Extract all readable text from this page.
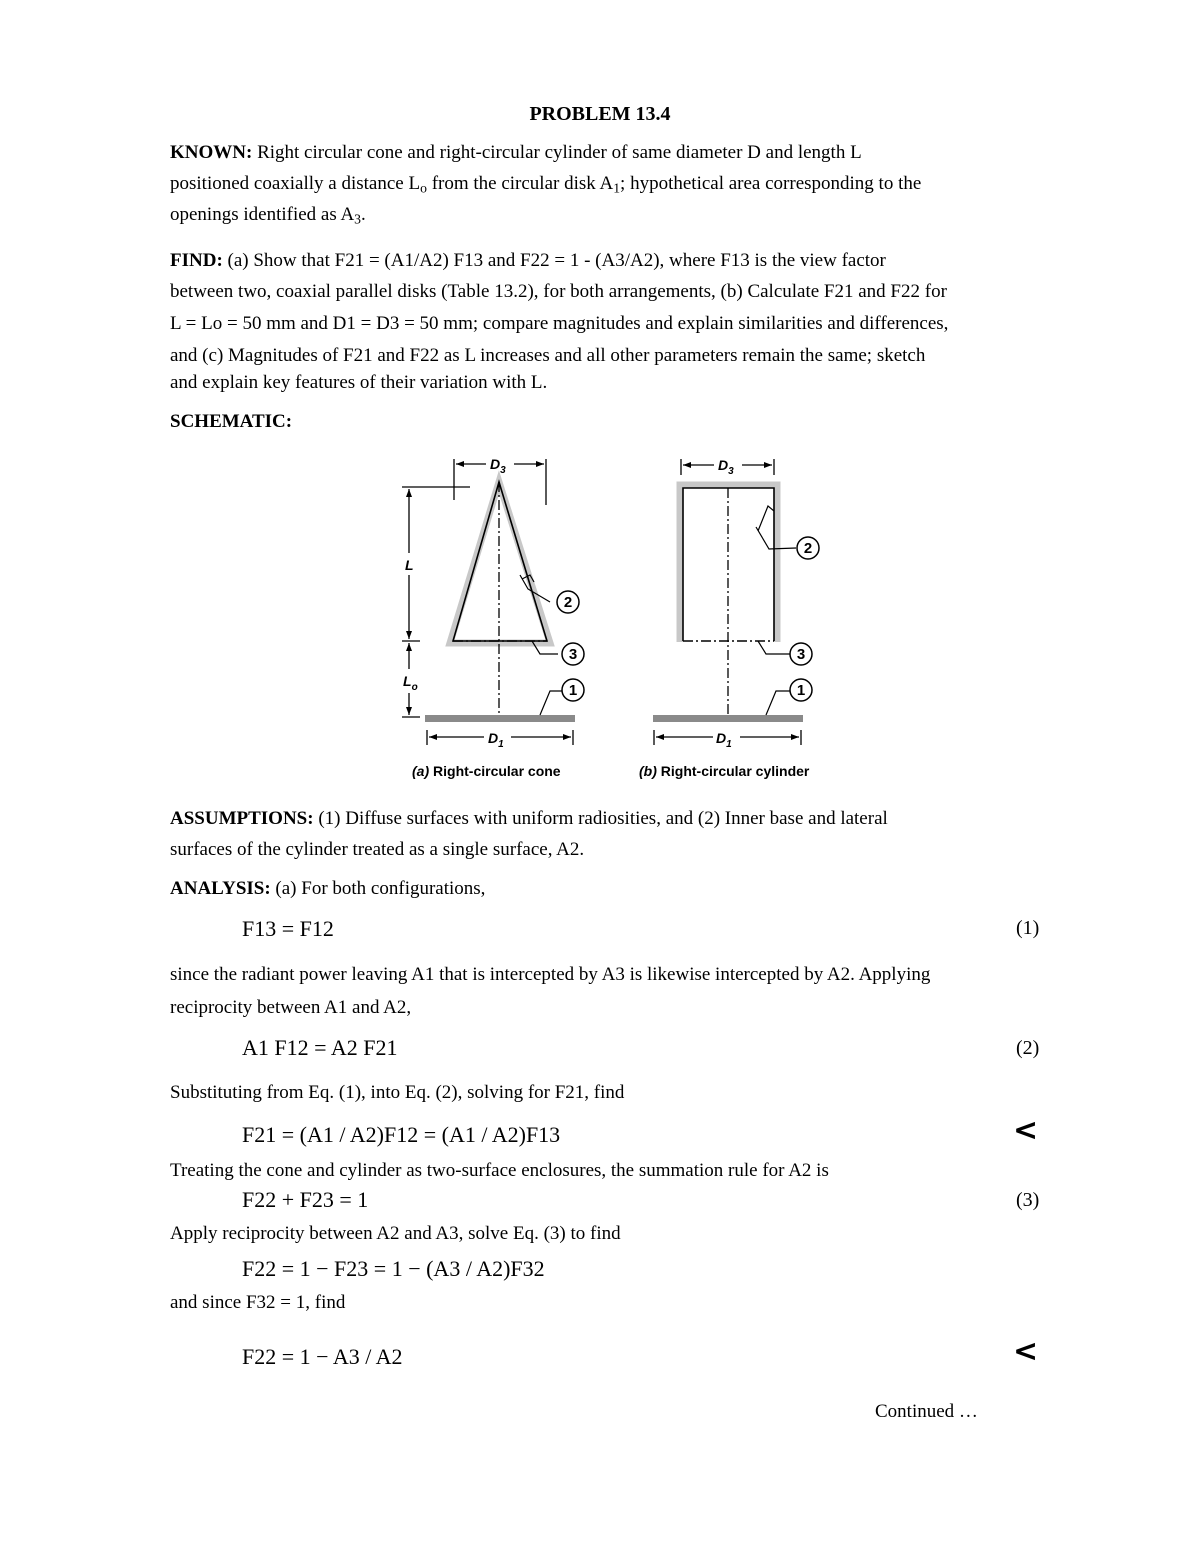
PROBLEM 13.4
KNOWN: Right circular cone and right-circular cylinder of same diameter D and length L
positioned coaxially a distance $L_o$ from the circular disk $A_1$; hypothetical area corresponding to the
openings identified as $A_3$.
FIND: (a) Show that F21 = (A1/A2) F13 and F22 = 1 - (A3/A2), where F13 is the view factor
between two, coaxial parallel disks (Table 13.2), for both arrangements, (b) Calculate F21 and F22 for
L = Lo = 50 mm and D1 = D3 = 50 mm; compare magnitudes and explain similarities and differences,
and (c) Magnitudes of F21 and F22 as L increases and all other parameters remain the same; sketch
and explain key features of their variation with L.
SCHEMATIC:
$D_3$
L
$L_o$
$D_1$
2
3
1
$D_3$
$D_1$
2
3
1
(a) Right-circular cone	(b) Right-circular cylinder
ASSUMPTIONS: (1) Diffuse surfaces with uniform radiosities, and (2) Inner base and lateral
surfaces of the cylinder treated as a single surface, A2.
ANALYSIS: (a) For both configurations,
F13 = F12	(1)
since the radiant power leaving A1 that is intercepted by A3 is likewise intercepted by A2. Applying
reciprocity between A1 and A2,
A1 F12 = A2 F21	(2)
Substituting from Eq. (1), into Eq. (2), solving for F21, find
F21 = (A1 / A2)F12 = (A1 / A2)F13	<
Treating the cone and cylinder as two-surface enclosures, the summation rule for A2 is
F22 + F23 = 1	(3)
Apply reciprocity between A2 and A3, solve Eq. (3) to find
F22 = 1 − F23 = 1 − (A3 / A2)F32
and since F32 = 1, find
F22 = 1 − A3 / A2	<
Continued …
